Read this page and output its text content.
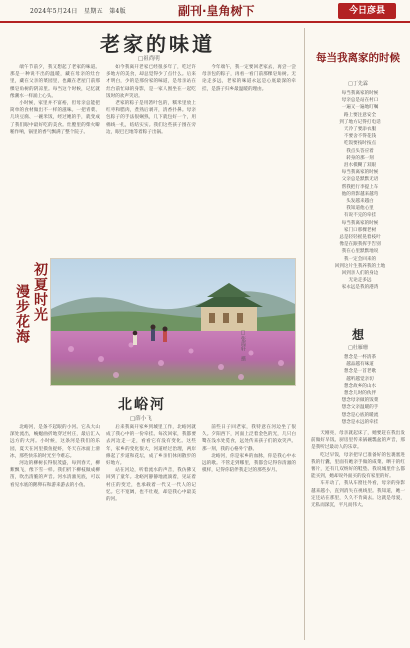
2024年5月24日　星期五　第4版	副刊·皇角树下	今日彦县
老家的味道
□祖尚明

端午节前夕，我又想起了老家的味道。那是一种说不出的温暖，藏在母亲的灶台里，藏在父亲的菜园里，也藏在老屋门前那棵皂角树的阴凉里。每当这个时候，记忆就像潮水一样涌上心头。

小时候，家里并不富裕，但母亲总能把简单的食材做出不一样的滋味。一把青菜、几块豆腐、一碗米饭，经过她的手，就变成了我们眼中最好吃的美食。灶膛里的柴火噼啪作响，锅里的香气飘满了整个院子。

如今我离开老家已经很多年了，吃过许多地方的美食，却总觉得少了点什么。后来才明白，少的是那份家的味道，是母亲站在灶台前忙碌的身影，是一家人围坐在一起吃饭时的欢声笑语。

老家的粽子是用箬叶包的，糯米里放上红枣和腊肉，煮熟后剥开，清香扑鼻。母亲包粽子的手法很娴熟，几下就包好一个，用棉线一扎，结结实实。我们这些孩子围在旁边，眼巴巴地等着粽子出锅。

今年端午，我一定要回老家去，再尝一尝母亲包的粽子，再看一看门前那棵皂角树。无论走多远，老家的味道永远是心底最深的牵挂，是游子归乡最温暖的理由。

初夏时光
漫步花海
□张霞轩　摄
北峪河
□薛小飞

北峪河，是条不起眼的小河。它从大山深处流出，蜿蜒曲折地穿过村庄，最后汇入远方的大河。小时候，这条河是我们的乐园，夏天在河里摸鱼捉虾，冬天在冰面上滑冰，那些快乐的时光至今难忘。

河边的柳树长得很茂盛，每到春天，柳絮飘飞，像下雪一样。我们折下柳枝做成柳笛，吹出清脆的声音。河水清澈见底，可以看见水底的鹅卵石和游来游去的小鱼。

后来我离开家乡到城里工作，北峪河就成了我心中的一份牵挂。每次回家，我都要去河边走一走，看看它有没有变化。这些年，家乡的变化很大，河道经过治理，两岸修起了步道和花坛，成了乡亲们休闲散步的好地方。

站在河边，听着流水的声音，我仿佛又回到了童年。北峪河静静地流淌着，见证着村庄的变迁，也承载着一代又一代人的记忆。它不宽阔，也不壮观，却是我心中最美的河。

前些日子回老家，我特意在河边坐了很久。夕阳西下，河面上泛着金色的光，几只白鹭在浅水处觅食，远处传来孩子们的欢笑声。那一刻，我的心格外宁静。

北峪河，你是家乡的血脉，你是我心中永远的歌。不管走到哪里，我都会记得你清澈的模样，记得你陪伴我走过的那些岁月。

每当我离家的时候
□丁先霖
每当我离家的时候
母亲总是站在村口
一遍又一遍地叮嘱
路上要注意安全
到了地方记得打电话
天冷了要添衣服
不要舍不得花钱
吃饭要按时按点
我点头答应着
转身的那一刻
泪水模糊了双眼
每当我离家的时候
父亲总是默默无语
帮我把行李提上车
他的背影越来越弯
头发越来越白
我知道他心里
有说不完的牵挂
每当我离家的时候
家门口那棵老树
总是轻轻摇晃着枝叶
像是在跟我挥手告别
我在心里默默地说
我一定会回来的
回到这片生我养我的土地
回到亲人们的身边
无论走多远
家永远是我的港湾
想
□杜雁珊
想念是一杯清茶
越品越有味道
想念是一首老歌
越听越觉亲切
想念故乡的山水
想念儿时的伙伴
想念母亲做的饭菜
想念父亲温暖的手
想念是心底的暖流
想念是永远的牵挂

天刚亮，母亲就起床了，她要赶在我出发前做好早饭。厨房里传来锅碗瓢盆的声音，那是我听过最动人的乐章。

吃过早饭，母亲把早已准备好的包裹塞进我的行囊，里面有她亲手做的咸菜、晒干的红薯片，还有几双纳好的鞋垫。我说城里什么都能买到，她却说外面买的没有家里的好。

车开动了，我从车窗往外看，母亲的身影越来越小，直到消失在视线里。我知道，她一定还站在那里，久久不肯离去。这就是母爱，无私而深沉，平凡而伟大。
